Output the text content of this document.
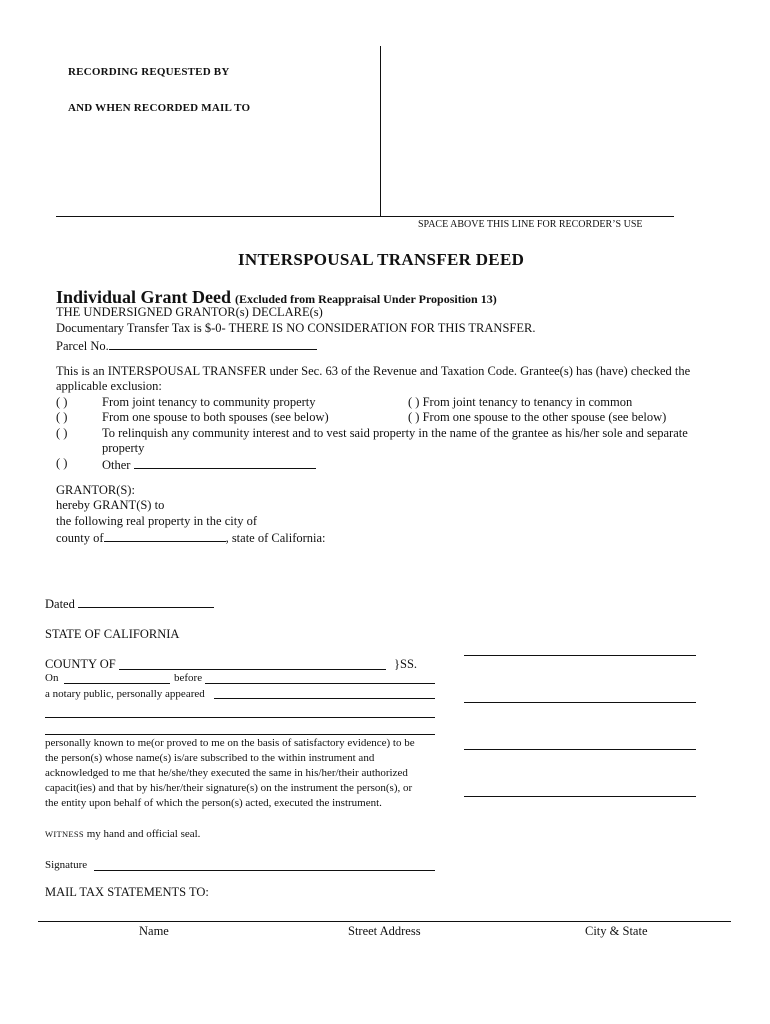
RECORDING REQUESTED BY
AND WHEN RECORDED MAIL TO
SPACE ABOVE THIS LINE FOR RECORDER’S USE
INTERSPOUSAL TRANSFER DEED
Individual Grant Deed (Excluded from Reappraisal Under Proposition 13)
THE UNDERSIGNED GRANTOR(s) DECLARE(s)
Documentary Transfer Tax is $-0- THERE IS NO CONSIDERATION FOR THIS TRANSFER.
Parcel No.
This is an INTERSPOUSAL TRANSFER under Sec. 63 of the Revenue and Taxation Code. Grantee(s) has (have) checked the
applicable exclusion:
( )	From joint tenancy to community property	( ) From joint tenancy to tenancy in common
( )	From one spouse to both spouses (see below)	( ) From one spouse to the other spouse (see below)
( )	To relinquish any community interest and to vest said property in the name of the grantee as his/her sole and separate
property
( )	Other
GRANTOR(S):
hereby GRANT(S) to
the following real property in the city of
county of	, state of California:
Dated
STATE OF CALIFORNIA
COUNTY OF	}SS.
On	before
a notary public, personally appeared
personally known to me(or proved to me on the basis of satisfactory evidence) to be
the person(s) whose name(s) is/are subscribed to the within instrument and
acknowledged to me that he/she/they executed the same in his/her/their authorized
capacit(ies) and that by his/her/their signature(s) on the instrument the person(s), or
the entity upon behalf of which the person(s) acted, executed the instrument.
WITNESS my hand and official seal.
Signature
MAIL TAX STATEMENTS TO:
Name	Street Address	City & State
